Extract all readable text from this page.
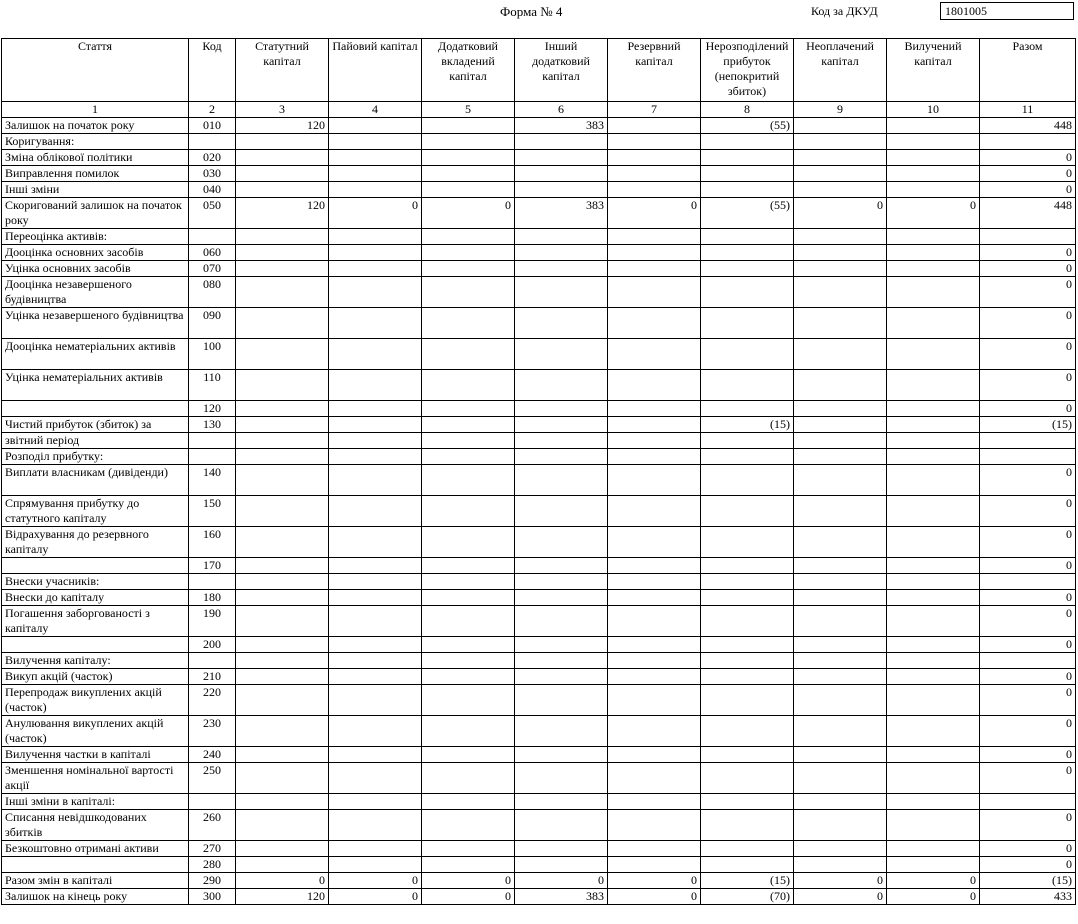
Форма № 4	Код за ДКУД	1801005
Стаття	Код	Статутний капітал	Пайовий капітал	Додатковий вкладений капітал	Інший додатковий капітал	Резервний капітал	Нерозподілений прибуток (непокритий збиток)	Неоплачений капітал	Вилучений капітал	Разом
1	2	3	4	5	6	7	8	9	10	11
Залишок на початок року	010	120			383		(55)			448
Коригування:										
Зміна облікової політики	020									0
Виправлення помилок	030									0
Інші зміни	040									0
Скоригований залишок на початок року	050	120	0	0	383	0	(55)	0	0	448
Переоцінка активів:										
Дооцінка основних засобів	060									0
Уцінка основних засобів	070									0
Дооцінка незавершеного будівництва	080									0
Уцінка незавершеного будівництва	090									0
Дооцінка нематеріальних активів	100									0
Уцінка нематеріальних активів	110									0
	120									0
Чистий прибуток (збиток) за	130						(15)			(15)
звітний період										
Розподіл прибутку:										
Виплати власникам (дивіденди)	140									0
Спрямування прибутку до статутного капіталу	150									0
Відрахування до резервного капіталу	160									0
	170									0
Внески учасників:										
Внески до капіталу	180									0
Погашення заборгованості з капіталу	190									0
	200									0
Вилучення капіталу:										
Викуп акцій (часток)	210									0
Перепродаж викуплених акцій (часток)	220									0
Анулювання викуплених акцій (часток)	230									0
Вилучення частки в капіталі	240									0
Зменшення номінальної вартості акції	250									0
Інші зміни в капіталі:										
Списання невідшкодованих збитків	260									0
Безкоштовно отримані активи	270									0
	280									0
Разом змін в капіталі	290	0	0	0	0	0	(15)	0	0	(15)
Залишок на кінець року	300	120	0	0	383	0	(70)	0	0	433
